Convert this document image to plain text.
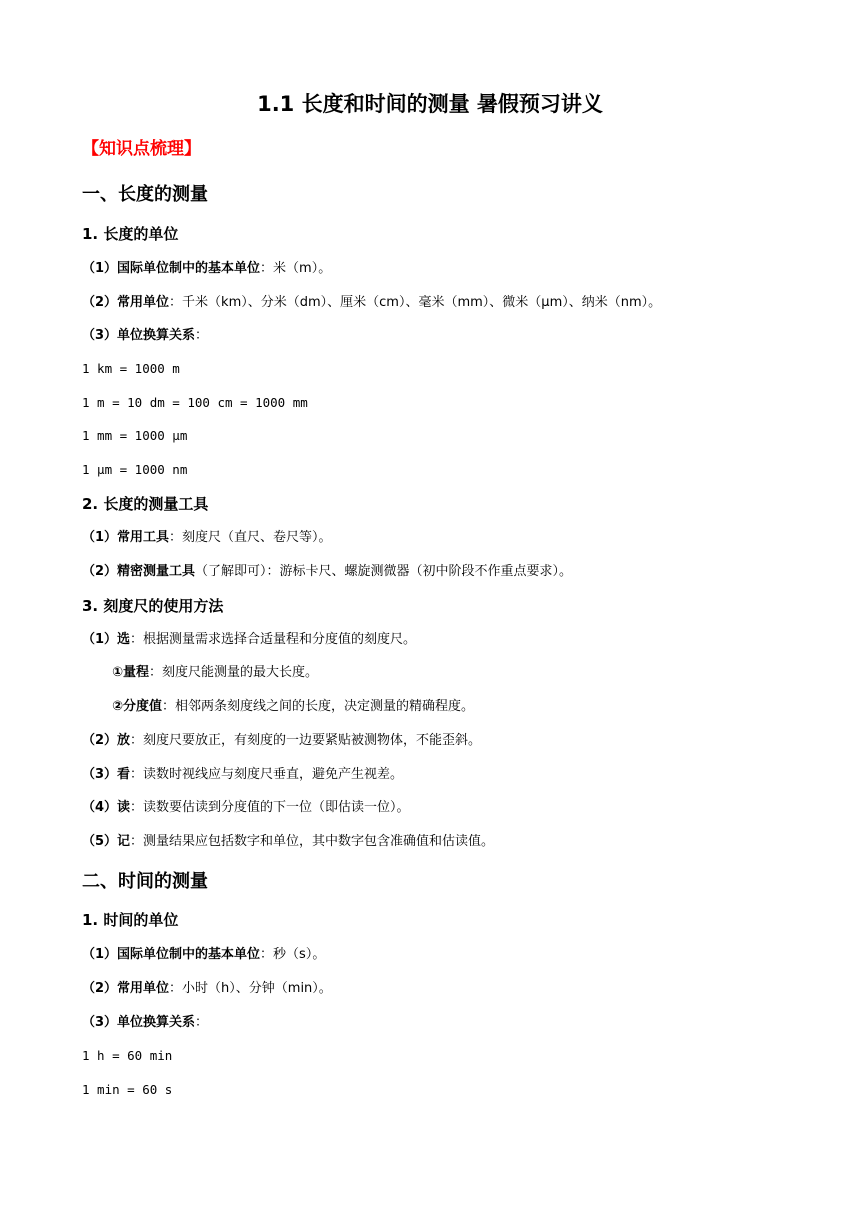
1.1 长度和时间的测量 暑假预习讲义
【知识点梳理】
一、长度的测量
1. 长度的单位
（1）国际单位制中的基本单位：米（m）。
（2）常用单位：千米（km）、分米（dm）、厘米（cm）、毫米（mm）、微米（μm）、纳米（nm）。
（3）单位换算关系：
1 km = 1000 m
1 m = 10 dm = 100 cm = 1000 mm
1 mm = 1000 μm
1 μm = 1000 nm
2. 长度的测量工具
（1）常用工具：刻度尺（直尺、卷尺等）。
（2）精密测量工具（了解即可）：游标卡尺、螺旋测微器（初中阶段不作重点要求）。
3. 刻度尺的使用方法
（1）选：根据测量需求选择合适量程和分度值的刻度尺。
①量程：刻度尺能测量的最大长度。
②分度值：相邻两条刻度线之间的长度，决定测量的精确程度。
（2）放：刻度尺要放正，有刻度的一边要紧贴被测物体，不能歪斜。
（3）看：读数时视线应与刻度尺垂直，避免产生视差。
（4）读：读数要估读到分度值的下一位（即估读一位）。
（5）记：测量结果应包括数字和单位，其中数字包含准确值和估读值。
二、时间的测量
1. 时间的单位
（1）国际单位制中的基本单位：秒（s）。
（2）常用单位：小时（h）、分钟（min）。
（3）单位换算关系：
1 h = 60 min
1 min = 60 s
